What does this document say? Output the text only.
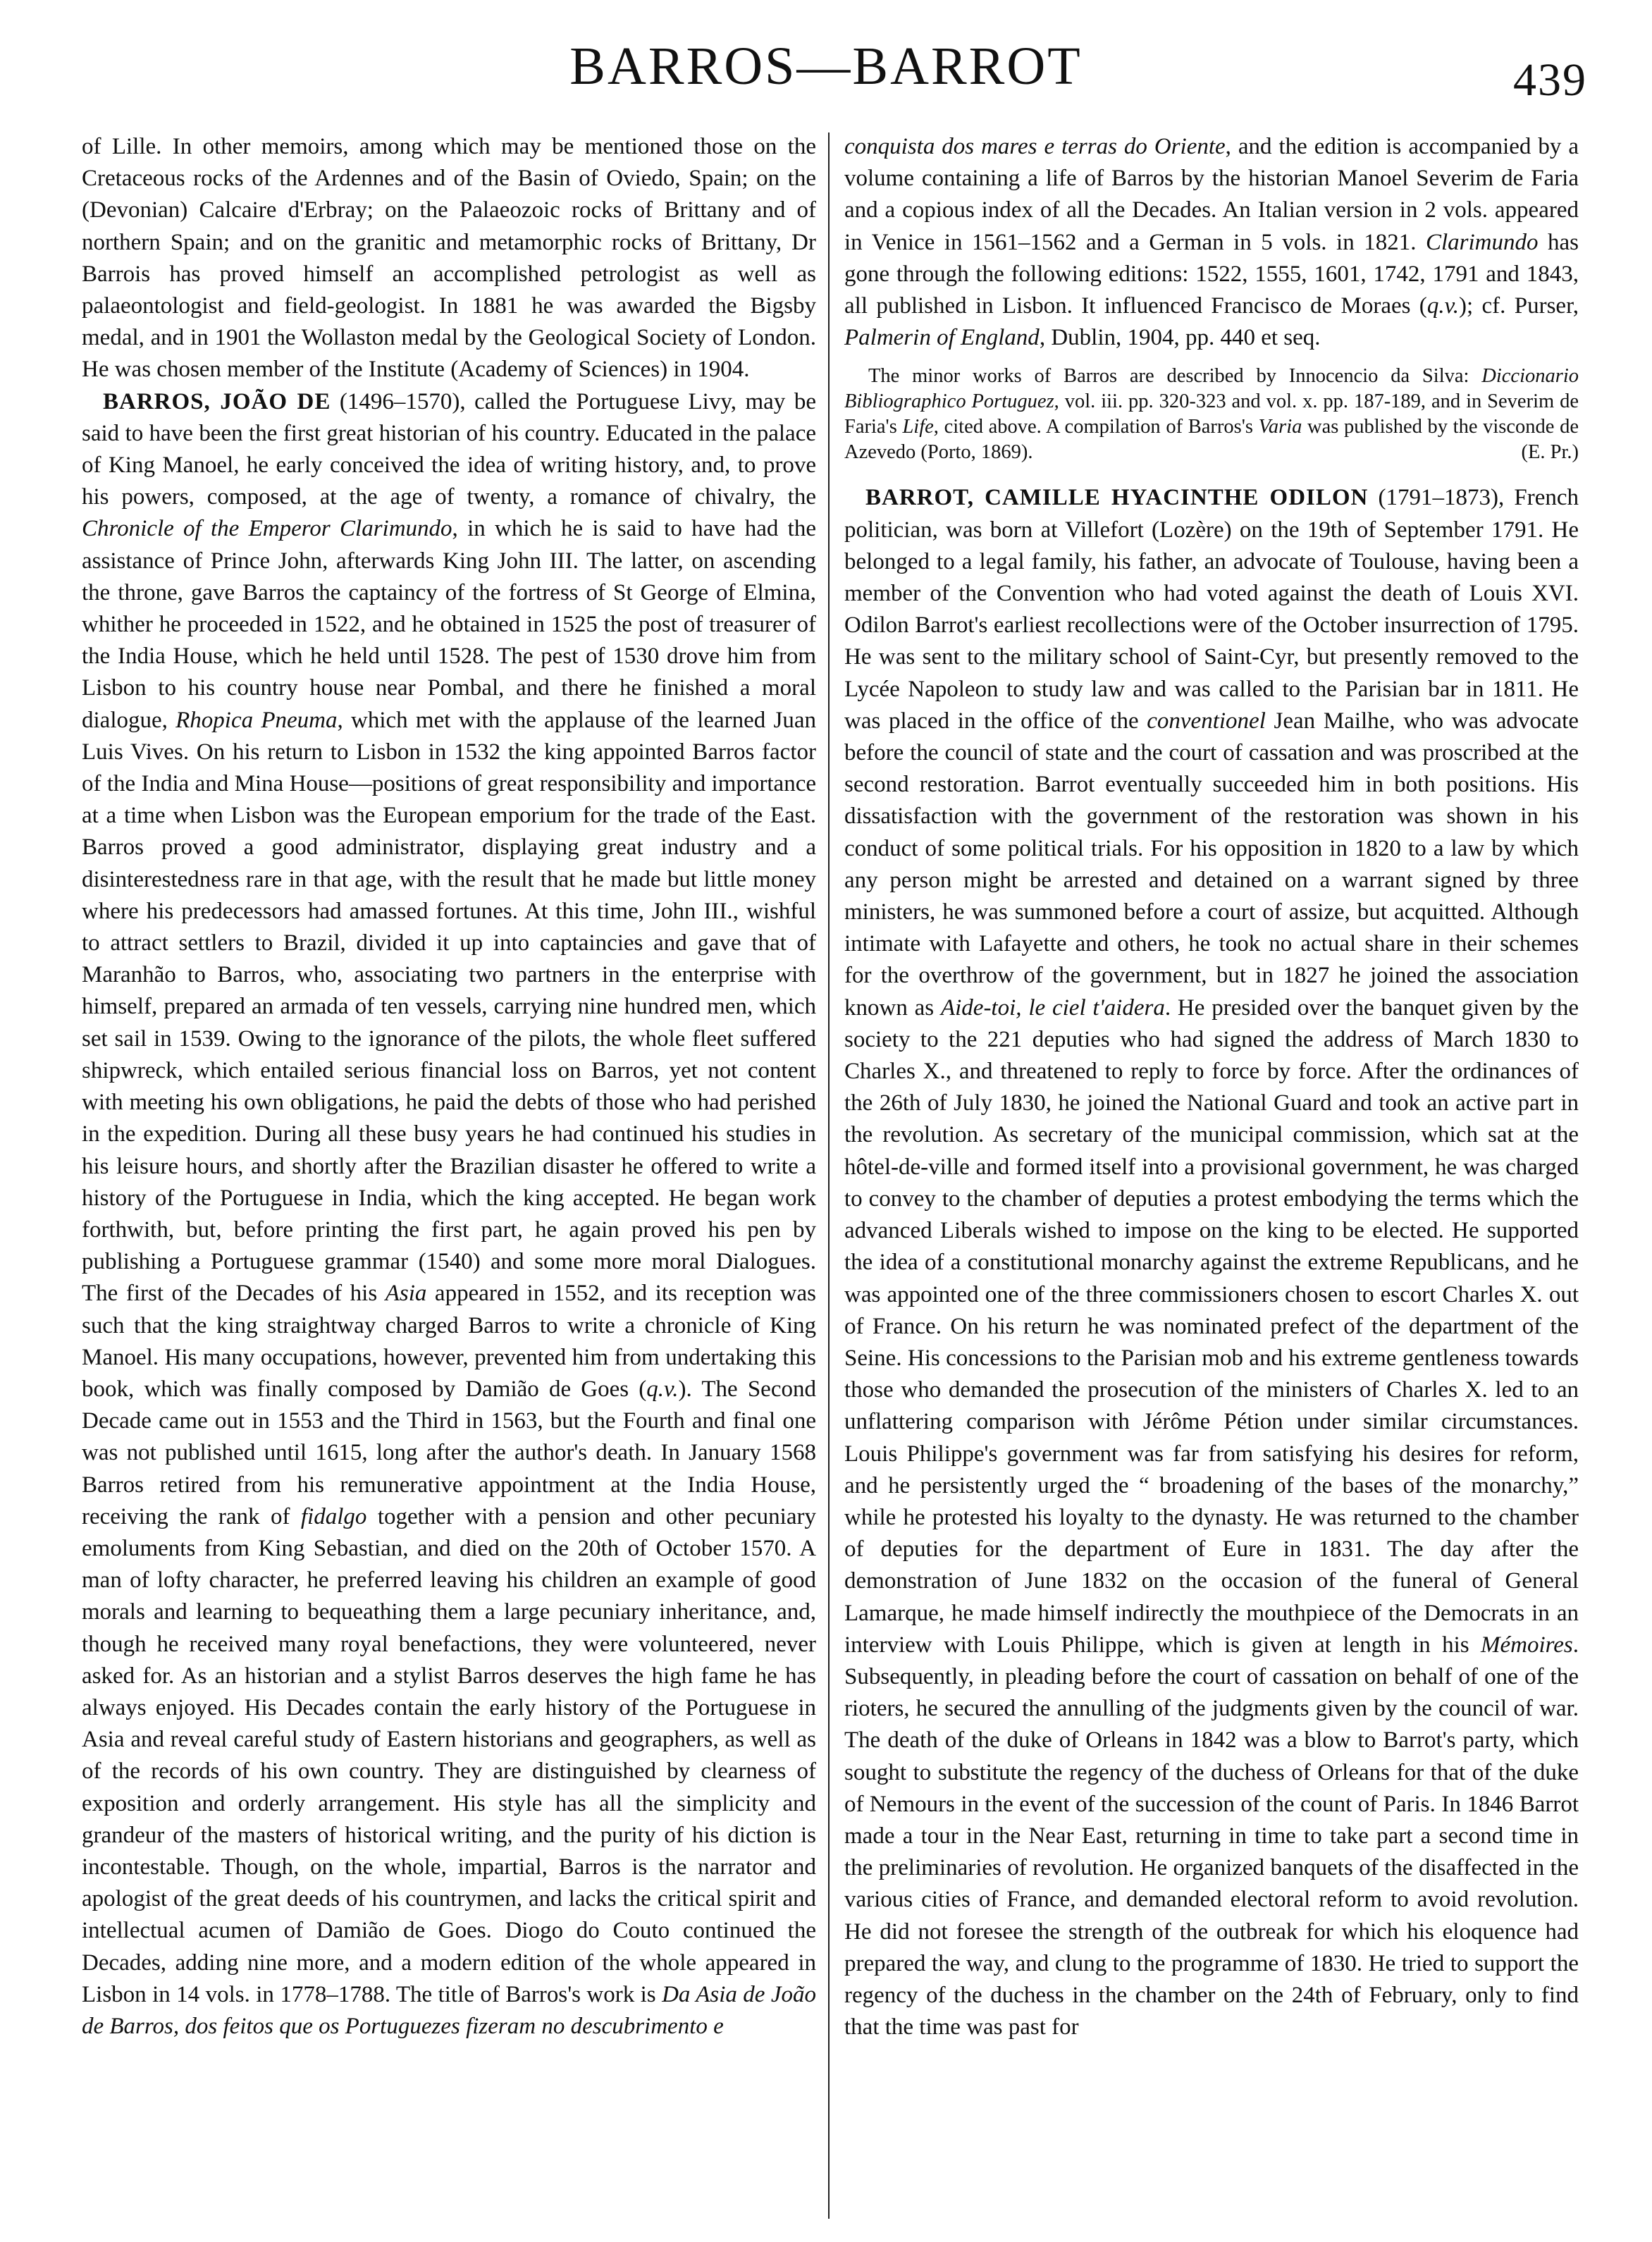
BARROS—BARROT	439

of Lille. In other memoirs, among which may be mentioned those on the Cretaceous rocks of the Ardennes and of the Basin of Oviedo, Spain; on the (Devonian) Calcaire d'Erbray; on the Palaeozoic rocks of Brittany and of northern Spain; and on the granitic and metamorphic rocks of Brittany, Dr Barrois has proved himself an accomplished petrologist as well as palaeontologist and field-geologist. In 1881 he was awarded the Bigsby medal, and in 1901 the Wollaston medal by the Geological Society of London. He was chosen member of the Institute (Academy of Sciences) in 1904.

BARROS, JOÃO DE (1496–1570), called the Portuguese Livy, may be said to have been the first great historian of his country. Educated in the palace of King Manoel, he early conceived the idea of writing history, and, to prove his powers, composed, at the age of twenty, a romance of chivalry, the Chronicle of the Emperor Clarimundo, in which he is said to have had the assistance of Prince John, afterwards King John III. The latter, on ascending the throne, gave Barros the captaincy of the fortress of St George of Elmina, whither he proceeded in 1522, and he obtained in 1525 the post of treasurer of the India House, which he held until 1528. The pest of 1530 drove him from Lisbon to his country house near Pombal, and there he finished a moral dialogue, Rhopica Pneuma, which met with the applause of the learned Juan Luis Vives. On his return to Lisbon in 1532 the king appointed Barros factor of the India and Mina House—positions of great responsibility and importance at a time when Lisbon was the European emporium for the trade of the East. Barros proved a good administrator, displaying great industry and a disinterestedness rare in that age, with the result that he made but little money where his predecessors had amassed fortunes. At this time, John III., wishful to attract settlers to Brazil, divided it up into captaincies and gave that of Maranhão to Barros, who, associating two partners in the enterprise with himself, prepared an armada of ten vessels, carrying nine hundred men, which set sail in 1539. Owing to the ignorance of the pilots, the whole fleet suffered shipwreck, which entailed serious financial loss on Barros, yet not content with meeting his own obligations, he paid the debts of those who had perished in the expedition. During all these busy years he had continued his studies in his leisure hours, and shortly after the Brazilian disaster he offered to write a history of the Portuguese in India, which the king accepted. He began work forthwith, but, before printing the first part, he again proved his pen by publishing a Portuguese grammar (1540) and some more moral Dialogues. The first of the Decades of his Asia appeared in 1552, and its reception was such that the king straightway charged Barros to write a chronicle of King Manoel. His many occupations, however, prevented him from undertaking this book, which was finally composed by Damião de Goes (q.v.). The Second Decade came out in 1553 and the Third in 1563, but the Fourth and final one was not published until 1615, long after the author's death. In January 1568 Barros retired from his remunerative appointment at the India House, receiving the rank of fidalgo together with a pension and other pecuniary emoluments from King Sebastian, and died on the 20th of October 1570. A man of lofty character, he preferred leaving his children an example of good morals and learning to bequeathing them a large pecuniary inheritance, and, though he received many royal benefactions, they were volunteered, never asked for. As an historian and a stylist Barros deserves the high fame he has always enjoyed. His Decades contain the early history of the Portuguese in Asia and reveal careful study of Eastern historians and geographers, as well as of the records of his own country. They are distinguished by clearness of exposition and orderly arrangement. His style has all the simplicity and grandeur of the masters of historical writing, and the purity of his diction is incontestable. Though, on the whole, impartial, Barros is the narrator and apologist of the great deeds of his countrymen, and lacks the critical spirit and intellectual acumen of Damião de Goes. Diogo do Couto continued the Decades, adding nine more, and a modern edition of the whole appeared in Lisbon in 14 vols. in 1778–1788. The title of Barros's work is Da Asia de João de Barros, dos feitos que os Portuguezes fizeram no descubrimento e

conquista dos mares e terras do Oriente, and the edition is accompanied by a volume containing a life of Barros by the historian Manoel Severim de Faria and a copious index of all the Decades. An Italian version in 2 vols. appeared in Venice in 1561–1562 and a German in 5 vols. in 1821. Clarimundo has gone through the following editions: 1522, 1555, 1601, 1742, 1791 and 1843, all published in Lisbon. It influenced Francisco de Moraes (q.v.); cf. Purser, Palmerin of England, Dublin, 1904, pp. 440 et seq.

The minor works of Barros are described by Innocencio da Silva: Diccionario Bibliographico Portuguez, vol. iii. pp. 320-323 and vol. x. pp. 187-189, and in Severim de Faria's Life, cited above. A compilation of Barros's Varia was published by the visconde de Azevedo (Porto, 1869).	(E. Pr.)

BARROT, CAMILLE HYACINTHE ODILON (1791–1873), French politician, was born at Villefort (Lozère) on the 19th of September 1791. He belonged to a legal family, his father, an advocate of Toulouse, having been a member of the Convention who had voted against the death of Louis XVI. Odilon Barrot's earliest recollections were of the October insurrection of 1795. He was sent to the military school of Saint-Cyr, but presently removed to the Lycée Napoleon to study law and was called to the Parisian bar in 1811. He was placed in the office of the conventionel Jean Mailhe, who was advocate before the council of state and the court of cassation and was proscribed at the second restoration. Barrot eventually succeeded him in both positions. His dissatisfaction with the government of the restoration was shown in his conduct of some political trials. For his opposition in 1820 to a law by which any person might be arrested and detained on a warrant signed by three ministers, he was summoned before a court of assize, but acquitted. Although intimate with Lafayette and others, he took no actual share in their schemes for the overthrow of the government, but in 1827 he joined the association known as Aide-toi, le ciel t'aidera. He presided over the banquet given by the society to the 221 deputies who had signed the address of March 1830 to Charles X., and threatened to reply to force by force. After the ordinances of the 26th of July 1830, he joined the National Guard and took an active part in the revolution. As secretary of the municipal commission, which sat at the hôtel-de-ville and formed itself into a provisional government, he was charged to convey to the chamber of deputies a protest embodying the terms which the advanced Liberals wished to impose on the king to be elected. He supported the idea of a constitutional monarchy against the extreme Republicans, and he was appointed one of the three commissioners chosen to escort Charles X. out of France. On his return he was nominated prefect of the department of the Seine. His concessions to the Parisian mob and his extreme gentleness towards those who demanded the prosecution of the ministers of Charles X. led to an unflattering comparison with Jérôme Pétion under similar circumstances. Louis Philippe's government was far from satisfying his desires for reform, and he persistently urged the “ broadening of the bases of the monarchy,” while he protested his loyalty to the dynasty. He was returned to the chamber of deputies for the department of Eure in 1831. The day after the demonstration of June 1832 on the occasion of the funeral of General Lamarque, he made himself indirectly the mouthpiece of the Democrats in an interview with Louis Philippe, which is given at length in his Mémoires. Subsequently, in pleading before the court of cassation on behalf of one of the rioters, he secured the annulling of the judgments given by the council of war. The death of the duke of Orleans in 1842 was a blow to Barrot's party, which sought to substitute the regency of the duchess of Orleans for that of the duke of Nemours in the event of the succession of the count of Paris. In 1846 Barrot made a tour in the Near East, returning in time to take part a second time in the preliminaries of revolution. He organized banquets of the disaffected in the various cities of France, and demanded electoral reform to avoid revolution. He did not foresee the strength of the outbreak for which his eloquence had prepared the way, and clung to the programme of 1830. He tried to support the regency of the duchess in the chamber on the 24th of February, only to find that the time was past for
